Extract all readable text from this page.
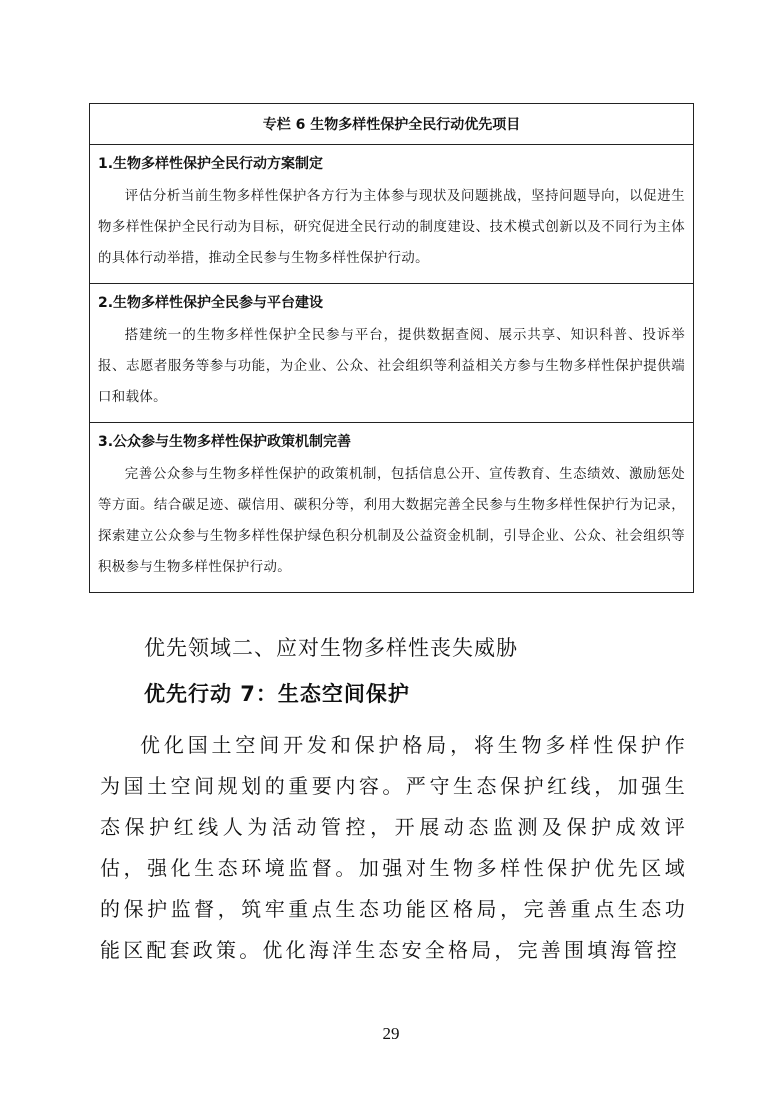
专栏 6 生物多样性保护全民行动优先项目
1.生物多样性保护全民行动方案制定

评估分析当前生物多样性保护各方行为主体参与现状及问题挑战，坚持问题导向，以促进生物多样性保护全民行动为目标，研究促进全民行动的制度建设、技术模式创新以及不同行为主体的具体行动举措，推动全民参与生物多样性保护行动。

2.生物多样性保护全民参与平台建设

搭建统一的生物多样性保护全民参与平台，提供数据查阅、展示共享、知识科普、投诉举报、志愿者服务等参与功能，为企业、公众、社会组织等利益相关方参与生物多样性保护提供端口和载体。

3.公众参与生物多样性保护政策机制完善

完善公众参与生物多样性保护的政策机制，包括信息公开、宣传教育、生态绩效、激励惩处等方面。结合碳足迹、碳信用、碳积分等，利用大数据完善全民参与生物多样性保护行为记录，探索建立公众参与生物多样性保护绿色积分机制及公益资金机制，引导企业、公众、社会组织等积极参与生物多样性保护行动。

优先领域二、应对生物多样性丧失威胁
优先行动 7：生态空间保护

优化国土空间开发和保护格局，将生物多样性保护作为国土空间规划的重要内容。严守生态保护红线，加强生态保护红线人为活动管控，开展动态监测及保护成效评估，强化生态环境监督。加强对生物多样性保护优先区域的保护监督，筑牢重点生态功能区格局，完善重点生态功能区配套政策。优化海洋生态安全格局，完善围填海管控

29
